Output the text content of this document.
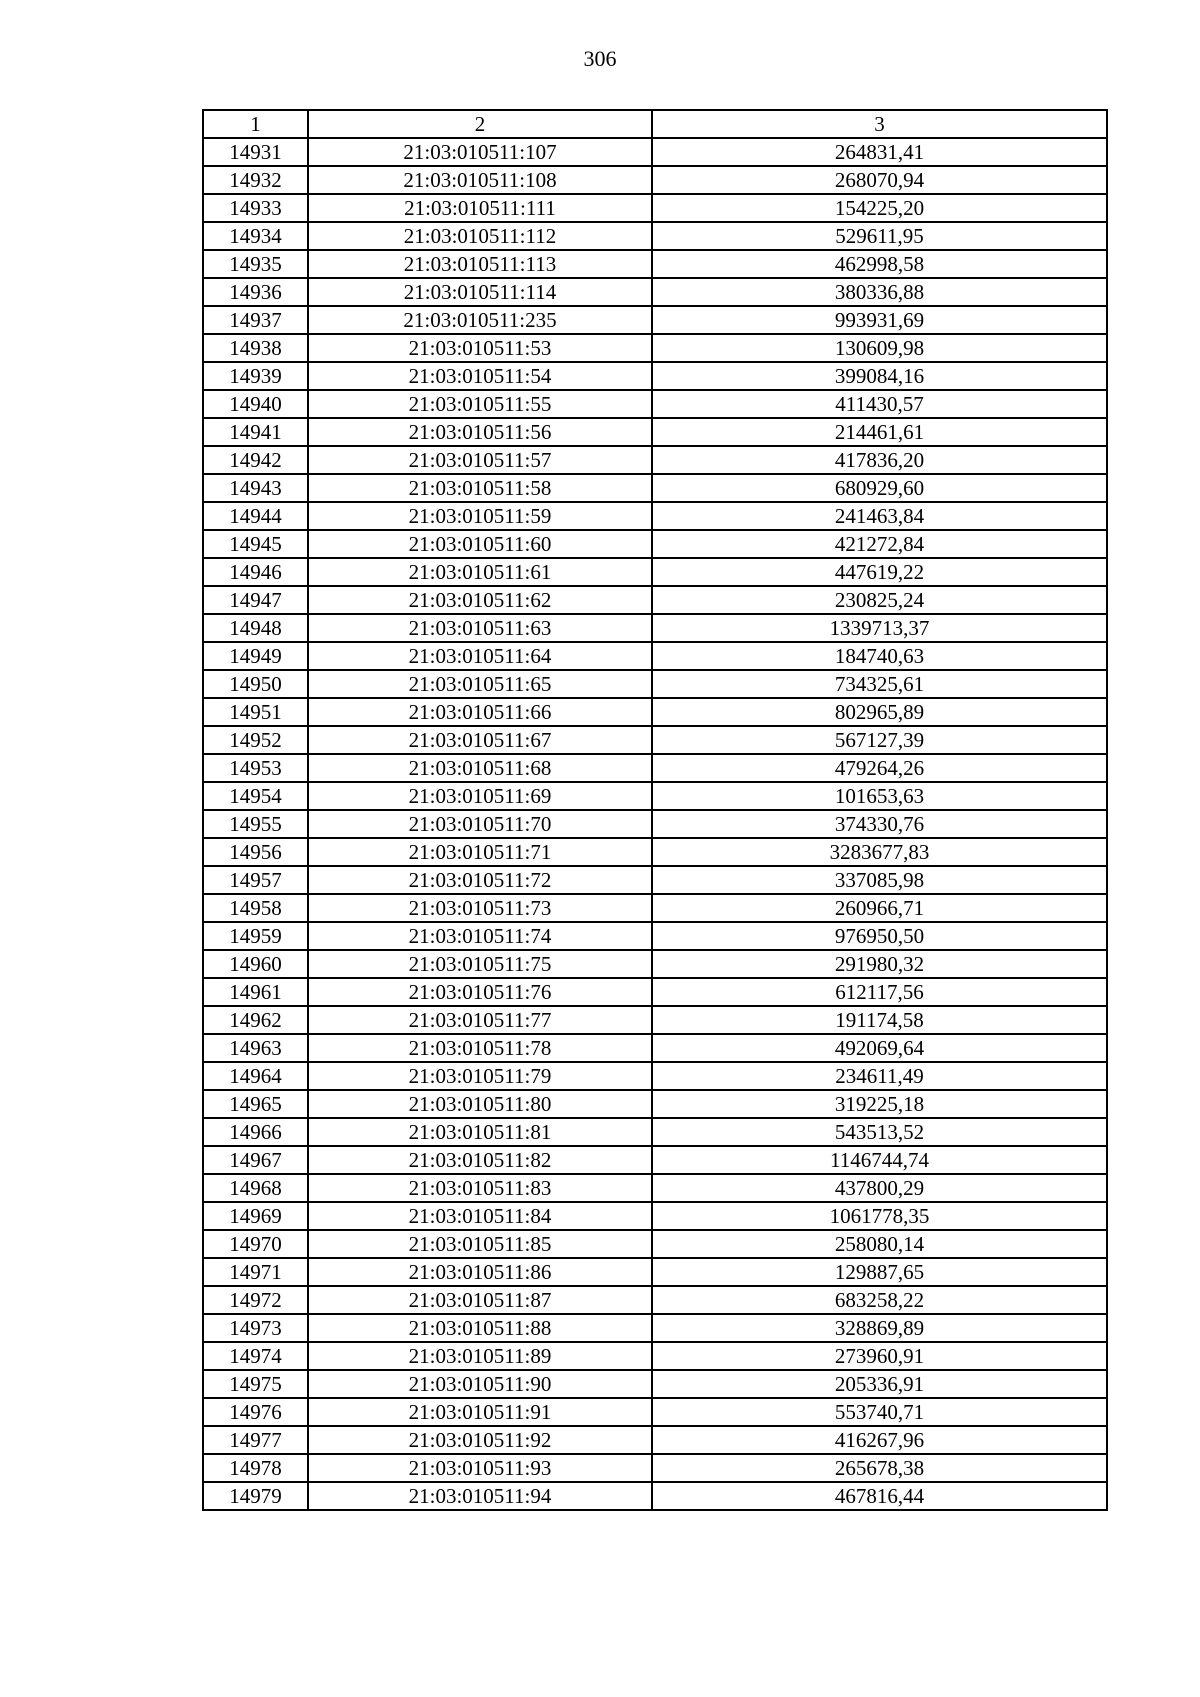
306
1	2	3
14931	21:03:010511:107	264831,41
14932	21:03:010511:108	268070,94
14933	21:03:010511:111	154225,20
14934	21:03:010511:112	529611,95
14935	21:03:010511:113	462998,58
14936	21:03:010511:114	380336,88
14937	21:03:010511:235	993931,69
14938	21:03:010511:53	130609,98
14939	21:03:010511:54	399084,16
14940	21:03:010511:55	411430,57
14941	21:03:010511:56	214461,61
14942	21:03:010511:57	417836,20
14943	21:03:010511:58	680929,60
14944	21:03:010511:59	241463,84
14945	21:03:010511:60	421272,84
14946	21:03:010511:61	447619,22
14947	21:03:010511:62	230825,24
14948	21:03:010511:63	1339713,37
14949	21:03:010511:64	184740,63
14950	21:03:010511:65	734325,61
14951	21:03:010511:66	802965,89
14952	21:03:010511:67	567127,39
14953	21:03:010511:68	479264,26
14954	21:03:010511:69	101653,63
14955	21:03:010511:70	374330,76
14956	21:03:010511:71	3283677,83
14957	21:03:010511:72	337085,98
14958	21:03:010511:73	260966,71
14959	21:03:010511:74	976950,50
14960	21:03:010511:75	291980,32
14961	21:03:010511:76	612117,56
14962	21:03:010511:77	191174,58
14963	21:03:010511:78	492069,64
14964	21:03:010511:79	234611,49
14965	21:03:010511:80	319225,18
14966	21:03:010511:81	543513,52
14967	21:03:010511:82	1146744,74
14968	21:03:010511:83	437800,29
14969	21:03:010511:84	1061778,35
14970	21:03:010511:85	258080,14
14971	21:03:010511:86	129887,65
14972	21:03:010511:87	683258,22
14973	21:03:010511:88	328869,89
14974	21:03:010511:89	273960,91
14975	21:03:010511:90	205336,91
14976	21:03:010511:91	553740,71
14977	21:03:010511:92	416267,96
14978	21:03:010511:93	265678,38
14979	21:03:010511:94	467816,44
